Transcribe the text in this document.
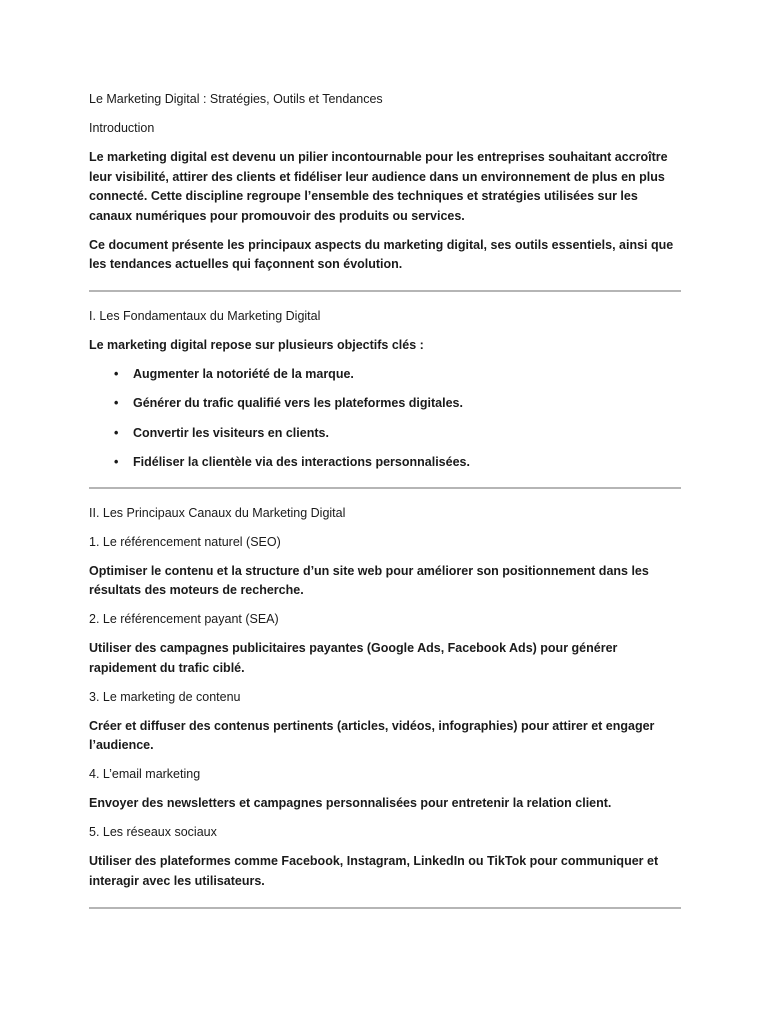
Le Marketing Digital : Stratégies, Outils et Tendances

Introduction

Le marketing digital est devenu un pilier incontournable pour les entreprises souhaitant accroître leur visibilité, attirer des clients et fidéliser leur audience dans un environnement de plus en plus connecté. Cette discipline regroupe l’ensemble des techniques et stratégies utilisées sur les canaux numériques pour promouvoir des produits ou services.

Ce document présente les principaux aspects du marketing digital, ses outils essentiels, ainsi que les tendances actuelles qui façonnent son évolution.

I. Les Fondamentaux du Marketing Digital

Le marketing digital repose sur plusieurs objectifs clés :

• Augmenter la notoriété de la marque.
• Générer du trafic qualifié vers les plateformes digitales.
• Convertir les visiteurs en clients.
• Fidéliser la clientèle via des interactions personnalisées.

II. Les Principaux Canaux du Marketing Digital

1. Le référencement naturel (SEO)

Optimiser le contenu et la structure d’un site web pour améliorer son positionnement dans les résultats des moteurs de recherche.

2. Le référencement payant (SEA)

Utiliser des campagnes publicitaires payantes (Google Ads, Facebook Ads) pour générer rapidement du trafic ciblé.

3. Le marketing de contenu

Créer et diffuser des contenus pertinents (articles, vidéos, infographies) pour attirer et engager l’audience.

4. L’email marketing

Envoyer des newsletters et campagnes personnalisées pour entretenir la relation client.

5. Les réseaux sociaux

Utiliser des plateformes comme Facebook, Instagram, LinkedIn ou TikTok pour communiquer et interagir avec les utilisateurs.
